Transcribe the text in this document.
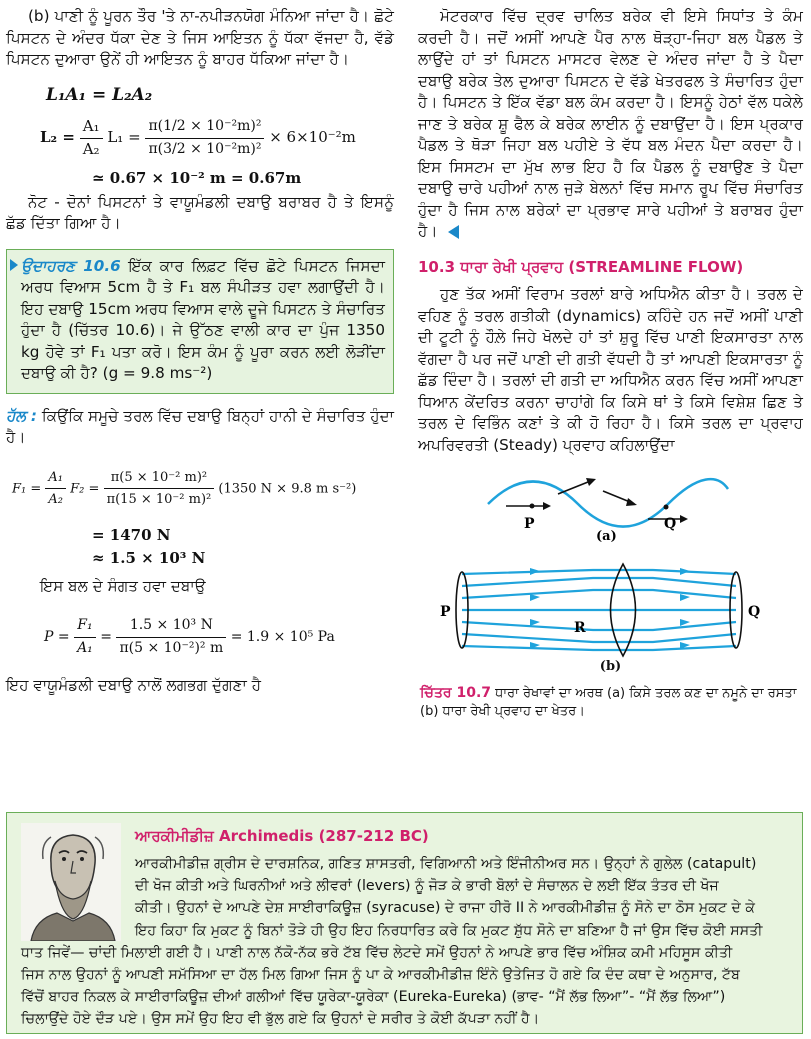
(b) ਪਾਣੀ ਨੂੰ ਪੂਰਨ ਤੌਰ 'ਤੇ ਨਾ-ਨਪੀੜਨਯੋਗ ਮੰਨਿਆ ਜਾਂਦਾ ਹੈ। ਛੋਟੇ ਪਿਸਟਨ ਦੇ ਅੰਦਰ ਧੱਕਾ ਦੇਣ ਤੇ ਜਿਸ ਆਇਤਨ ਨੂੰ ਧੱਕਾ ਵੱਜਦਾ ਹੈ, ਵੱਡੇ ਪਿਸਟਨ ਦੁਆਰਾ ਉਨੇਂ ਹੀ ਆਇਤਨ ਨੂੰ ਬਾਹਰ ਧੱਕਿਆ ਜਾਂਦਾ ਹੈ।

L₁A₁ = L₂A₂
$L_2 = \frac{\text{A₁}}{\text{A₂}} L_1 = \frac{\text{π(1/2 × 10⁻²m)²}}{\text{π(3/2 × 10⁻²m)²}} \times 6\times 10^{-2}m$
≃ 0.67 × 10⁻² m = 0.67m

ਨੋਟ - ਦੋਨਾਂ ਪਿਸਟਨਾਂ ਤੇ ਵਾਯੂਮੰਡਲੀ ਦਬਾਉ ਬਰਾਬਰ ਹੈ ਤੇ ਇਸਨੂੰ ਛੱਡ ਦਿੱਤਾ ਗਿਆ ਹੈ।

ਉਦਾਹਰਣ 10.6 ਇੱਕ ਕਾਰ ਲਿਫ਼ਟ ਵਿੱਚ ਛੋਟੇ ਪਿਸਟਨ ਜਿਸਦਾ ਅਰਧ ਵਿਆਸ 5cm ਹੈ ਤੇ F₁ ਬਲ ਸੰਪੀੜਤ ਹਵਾ ਲਗਾਉਂਦੀ ਹੈ। ਇਹ ਦਬਾਉ 15cm ਅਰਧ ਵਿਆਸ ਵਾਲੇ ਦੂਜੇ ਪਿਸਟਨ ਤੇ ਸੰਚਾਰਿਤ ਹੁੰਦਾ ਹੈ (ਚਿੱਤਰ 10.6)। ਜੇ ਉੱਠਣ ਵਾਲੀ ਕਾਰ ਦਾ ਪੁੰਜ 1350 kg ਹੋਵੇ ਤਾਂ F₁ ਪਤਾ ਕਰੋ। ਇਸ ਕੰਮ ਨੂੰ ਪੂਰਾ ਕਰਨ ਲਈ ਲੋੜੀਂਦਾ ਦਬਾਉ ਕੀ ਹੈ? (g = 9.8 ms⁻²)

ਹੱਲ : ਕਿਉਂਕਿ ਸਮੂਚੇ ਤਰਲ ਵਿੱਚ ਦਬਾਉ ਬਿਨ੍ਹਾਂ ਹਾਨੀ ਦੇ ਸੰਚਾਰਿਤ ਹੁੰਦਾ ਹੈ।

$F_1 = \frac{\text{A₁}}{\text{A₂}} F_2 = \frac{\text{π(5 × 10⁻² m)²}}{\text{π(15 × 10⁻² m)²}} (1350$ N × 9.8 m s⁻²)
= 1470 N
≈ 1.5 × 10³ N

ਇਸ ਬਲ ਦੇ ਸੰਗਤ ਹਵਾ ਦਬਾਉ

$P = \frac{\text{F₁}}{\text{A₁}} = \frac{\text{1.5 × 10³ N}}{\text{π(5 × 10⁻²)² m}} = 1.9 \times 10^5$ Pa

ਇਹ ਵਾਯੂਮੰਡਲੀ ਦਬਾਉ ਨਾਲੋਂ ਲਗਭਗ ਦੁੱਗਣਾ ਹੈ

ਮੋਟਰਕਾਰ ਵਿੱਚ ਦ੍ਰਵ ਚਾਲਿਤ ਬਰੇਕ ਵੀ ਇਸੇ ਸਿਧਾਂਤ ਤੇ ਕੰਮ ਕਰਦੀ ਹੈ। ਜਦੋਂ ਅਸੀਂ ਆਪਣੇ ਪੈਰ ਨਾਲ ਥੋੜ੍ਹਾ-ਜਿਹਾ ਬਲ ਪੈਡਲ ਤੇ ਲਾਉਂਦੇ ਹਾਂ ਤਾਂ ਪਿਸਟਨ ਮਾਸਟਰ ਵੇਲਣ ਦੇ ਅੰਦਰ ਜਾਂਦਾ ਹੈ ਤੇ ਪੈਦਾ ਦਬਾਉ ਬਰੇਕ ਤੇਲ ਦੁਆਰਾ ਪਿਸਟਨ ਦੇ ਵੱਡੇ ਖੇਤਰਫਲ ਤੇ ਸੰਚਾਰਿਤ ਹੁੰਦਾ ਹੈ। ਪਿਸਟਨ ਤੇ ਇੱਕ ਵੱਡਾ ਬਲ ਕੰਮ ਕਰਦਾ ਹੈ। ਇਸਨੂੰ ਹੇਠਾਂ ਵੱਲ ਧਕੇਲੇ ਜਾਣ ਤੇ ਬਰੇਕ ਸ਼ੂ ਫੈਲ ਕੇ ਬਰੇਕ ਲਾਈਨ ਨੂੰ ਦਬਾਉਂਦਾ ਹੈ। ਇਸ ਪ੍ਰਕਾਰ ਪੈਡਲ ਤੇ ਥੋੜਾ ਜਿਹਾ ਬਲ ਪਹੀਏ ਤੇ ਵੱਧ ਬਲ ਮੰਦਨ ਪੈਦਾ ਕਰਦਾ ਹੈ। ਇਸ ਸਿਸਟਮ ਦਾ ਮੁੱਖ ਲਾਭ ਇਹ ਹੈ ਕਿ ਪੈਡਲ ਨੂੰ ਦਬਾਉਣ ਤੇ ਪੈਦਾ ਦਬਾਉ ਚਾਰੇ ਪਹੀਆਂ ਨਾਲ ਜੁੜੇ ਬੇਲਨਾਂ ਵਿੱਚ ਸਮਾਨ ਰੂਪ ਵਿੱਚ ਸੰਚਾਰਿਤ ਹੁੰਦਾ ਹੈ ਜਿਸ ਨਾਲ ਬਰੇਕਾਂ ਦਾ ਪ੍ਰਭਾਵ ਸਾਰੇ ਪਹੀਆਂ ਤੇ ਬਰਾਬਰ ਹੁੰਦਾ ਹੈ।

10.3 ਧਾਰਾ ਰੇਖੀ ਪ੍ਰਵਾਹ (STREAMLINE FLOW)

ਹੁਣ ਤੱਕ ਅਸੀਂ ਵਿਰਾਮ ਤਰਲਾਂ ਬਾਰੇ ਅਧਿਐਨ ਕੀਤਾ ਹੈ। ਤਰਲ ਦੇ ਵਹਿਣ ਨੂੰ ਤਰਲ ਗਤੀਕੀ (dynamics) ਕਹਿੰਦੇ ਹਨ ਜਦੋਂ ਅਸੀਂ ਪਾਣੀ ਦੀ ਟੂਟੀ ਨੂੰ ਹੌਲ਼ੇ ਜਿਹੇ ਖੋਲਦੇ ਹਾਂ ਤਾਂ ਸ਼ੁਰੂ ਵਿੱਚ ਪਾਣੀ ਇਕਸਾਰਤਾ ਨਾਲ ਵੱਗਦਾ ਹੈ ਪਰ ਜਦੋਂ ਪਾਣੀ ਦੀ ਗਤੀ ਵੱਧਦੀ ਹੈ ਤਾਂ ਆਪਣੀ ਇਕਸਾਰਤਾ ਨੂੰ ਛੱਡ ਦਿੰਦਾ ਹੈ। ਤਰਲਾਂ ਦੀ ਗਤੀ ਦਾ ਅਧਿਐਨ ਕਰਨ ਵਿੱਚ ਅਸੀਂ ਆਪਣਾ ਧਿਆਨ ਕੇਂਦਰਿਤ ਕਰਨਾ ਚਾਹਾਂਗੇ ਕਿ ਕਿਸੇ ਥਾਂ ਤੇ ਕਿਸੇ ਵਿਸ਼ੇਸ਼ ਛਿਣ ਤੇ ਤਰਲ ਦੇ ਵਿਭਿੰਨ ਕਣਾਂ ਤੇ ਕੀ ਹੋ ਰਿਹਾ ਹੈ। ਕਿਸੇ ਤਰਲ ਦਾ ਪ੍ਰਵਾਹ ਅਪਰਿਵਰਤੀ (Steady) ਪ੍ਰਵਾਹ ਕਹਿਲਾਉਂਦਾ

P	Q
(a)
P
R
Q
(b)
ਚਿੱਤਰ 10.7 ਧਾਰਾ ਰੇਖਾਵਾਂ ਦਾ ਅਰਥ (a) ਕਿਸੇ ਤਰਲ ਕਣ ਦਾ ਨਮੂਨੇ ਦਾ ਰਸਤਾ (b) ਧਾਰਾ ਰੇਖੀ ਪ੍ਰਵਾਹ ਦਾ ਖੇਤਰ।
ਆਰਕੀਮੀਡੀਜ਼ Archimedis (287-212 BC)
ਆਰਕੀਮੀਡੀਜ਼ ਗ੍ਰੀਸ ਦੇ ਦਾਰਸ਼ਨਿਕ, ਗਣਿਤ ਸ਼ਾਸਤਰੀ, ਵਿਗਿਆਨੀ ਅਤੇ ਇੰਜੀਨੀਅਰ ਸਨ। ਉਨ੍ਹਾਂ ਨੇ ਗੁਲੇਲ (catapult)
ਦੀ ਖੋਜ ਕੀਤੀ ਅਤੇ ਘਿਰਨੀਆਂ ਅਤੇ ਲੀਵਰਾਂ (levers) ਨੂੰ ਜੋੜ ਕੇ ਭਾਰੀ ਬੋਲਾਂ ਦੇ ਸੰਚਾਲਨ ਦੇ ਲਈ ਇੱਕ ਤੰਤਰ ਦੀ ਖੋਜ
ਕੀਤੀ। ਉਹਨਾਂ ਦੇ ਆਪਣੇ ਦੇਸ਼ ਸਾਈਰਾਕਿਊਜ਼ (syracuse) ਦੇ ਰਾਜਾ ਹੀਰੋ II ਨੇ ਆਰਕੀਮੀਡੀਜ਼ ਨੂੰ ਸੋਨੇ ਦਾ ਠੋਸ ਮੁਕਟ ਦੇ ਕੇ
ਇਹ ਕਿਹਾ ਕਿ ਮੁਕਟ ਨੂੰ ਬਿਨਾਂ ਤੋੜੇ ਹੀ ਉਹ ਇਹ ਨਿਰਧਾਰਿਤ ਕਰੇ ਕਿ ਮੁਕਟ ਸ਼ੁੱਧ ਸੋਨੇ ਦਾ ਬਣਿਆ ਹੈ ਜਾਂ ਉਸ ਵਿੱਚ ਕੋਈ ਸਸਤੀ
ਧਾਤ ਜਿਵੇਂ— ਚਾਂਦੀ ਮਿਲਾਈ ਗਈ ਹੈ। ਪਾਣੀ ਨਾਲ ਨੱਕੋ-ਨੱਕ ਭਰੇ ਟੱਬ ਵਿੱਚ ਲੇਟਦੇ ਸਮੇਂ ਉਹਨਾਂ ਨੇ ਆਪਣੇ ਭਾਰ ਵਿੱਚ ਅੰਸ਼ਿਕ ਕਮੀ ਮਹਿਸੂਸ ਕੀਤੀ
ਜਿਸ ਨਾਲ ਉਹਨਾਂ ਨੂੰ ਆਪਣੀ ਸਮੱਸਿਆ ਦਾ ਹੱਲ ਮਿਲ ਗਿਆ ਜਿਸ ਨੂੰ ਪਾ ਕੇ ਆਰਕੀਮੀਡੀਜ਼ ਇੰਨੇ ਉਤੇਜਿਤ ਹੋ ਗਏ ਕਿ ਦੰਦ ਕਥਾ ਦੇ ਅਨੁਸਾਰ, ਟੱਬ
ਵਿੱਚੋਂ ਬਾਹਰ ਨਿਕਲ ਕੇ ਸਾਈਰਾਕਿਊਜ਼ ਦੀਆਂ ਗਲੀਆਂ ਵਿੱਚ ਯੂਰੇਕਾ-ਯੂਰੇਕਾ (Eureka-Eureka) (ਭਾਵ- “ਮੈਂ ਲੱਭ ਲਿਆ”- “ਮੈਂ ਲੱਭ ਲਿਆ”)
ਚਿਲਾਉਂਦੇ ਹੋਏ ਦੌੜ ਪਏ। ਉਸ ਸਮੇਂ ਉਹ ਇਹ ਵੀ ਭੁੱਲ ਗਏ ਕਿ ਉਹਨਾਂ ਦੇ ਸਰੀਰ ਤੇ ਕੋਈ ਕੱਪੜਾ ਨਹੀਂ ਹੈ।
